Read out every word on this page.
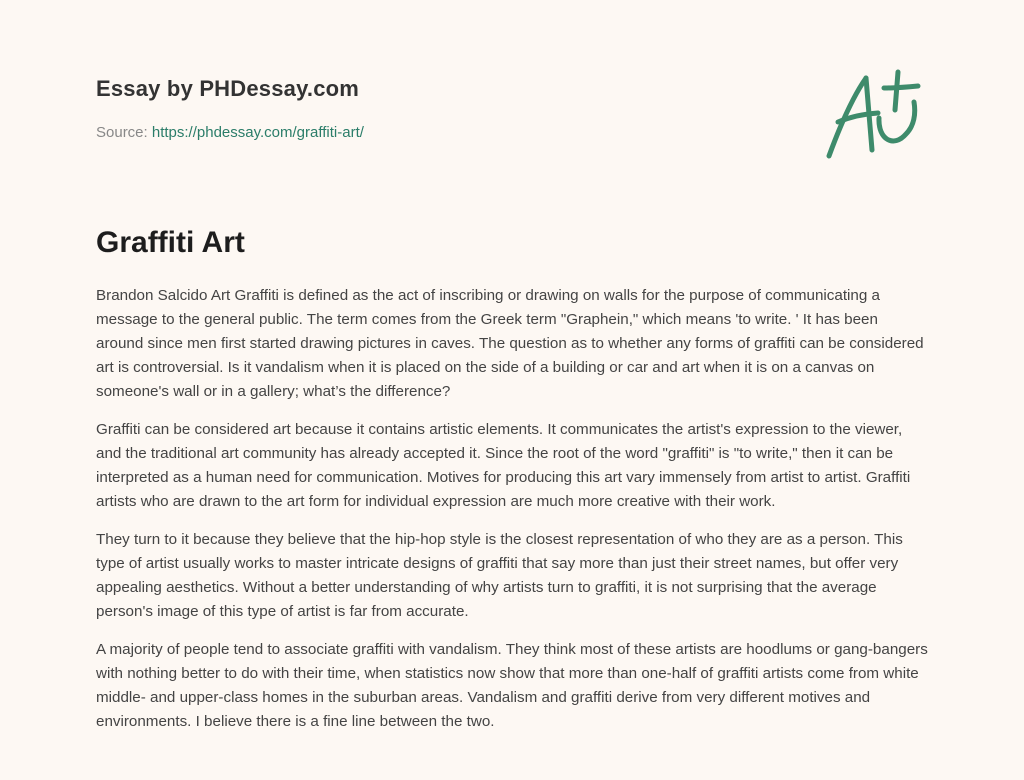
Essay by PHDessay.com
Source: https://phdessay.com/graffiti-art/
Graffiti Art

Brandon Salcido Art Graffiti is defined as the act of inscribing or drawing on walls for the purpose of communicating a message to the general public. The term comes from the Greek term "Graphein," which means 'to write. ' It has been around since men first started drawing pictures in caves. The question as to whether any forms of graffiti can be considered art is controversial. Is it vandalism when it is placed on the side of a building or car and art when it is on a canvas on someone's wall or in a gallery; what’s the difference?

Graffiti can be considered art because it contains artistic elements. It communicates the artist's expression to the viewer, and the traditional art community has already accepted it. Since the root of the word "graffiti" is "to write," then it can be interpreted as a human need for communication. Motives for producing this art vary immensely from artist to artist. Graffiti artists who are drawn to the art form for individual expression are much more creative with their work.

They turn to it because they believe that the hip-hop style is the closest representation of who they are as a person. This type of artist usually works to master intricate designs of graffiti that say more than just their street names, but offer very appealing aesthetics. Without a better understanding of why artists turn to graffiti, it is not surprising that the average person's image of this type of artist is far from accurate.

A majority of people tend to associate graffiti with vandalism. They think most of these artists are hoodlums or gang-bangers with nothing better to do with their time, when statistics now show that more than one-half of graffiti artists come from white middle- and upper-class homes in the suburban areas. Vandalism and graffiti derive from very different motives and environments. I believe there is a fine line between the two.
